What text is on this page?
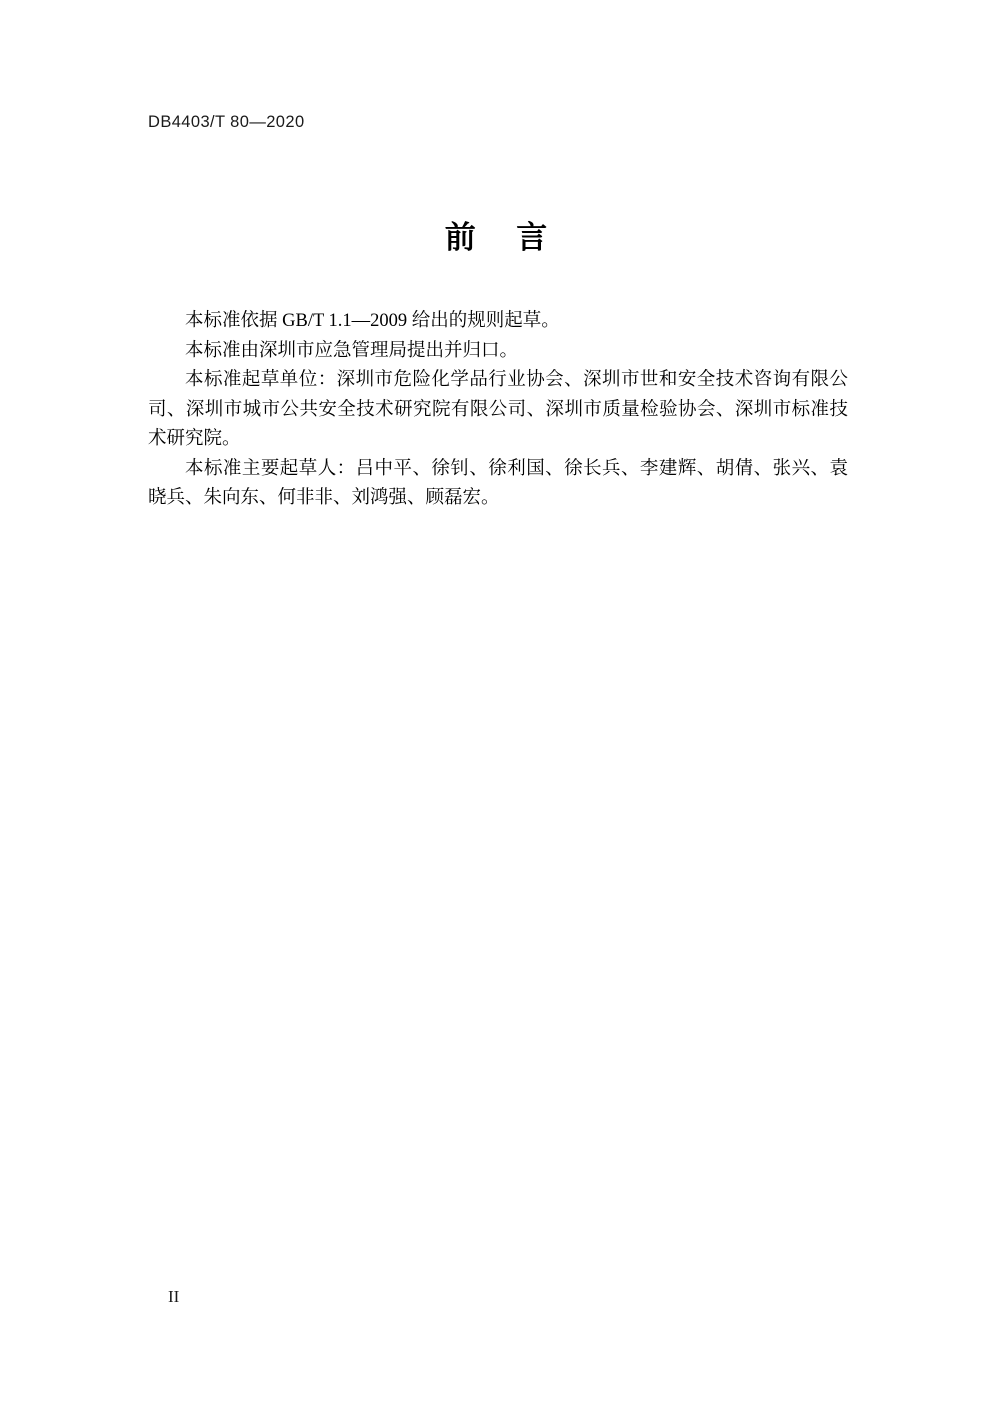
DB4403/T 80—2020
前 言

本标准依据 GB/T 1.1—2009 给出的规则起草。

本标准由深圳市应急管理局提出并归口。

本标准起草单位：深圳市危险化学品行业协会、深圳市世和安全技术咨询有限公司、深圳市城市公共安全技术研究院有限公司、深圳市质量检验协会、深圳市标准技术研究院。

本标准主要起草人：吕中平、徐钊、徐利国、徐长兵、李建辉、胡倩、张兴、袁晓兵、朱向东、何非非、刘鸿强、顾磊宏。

II
